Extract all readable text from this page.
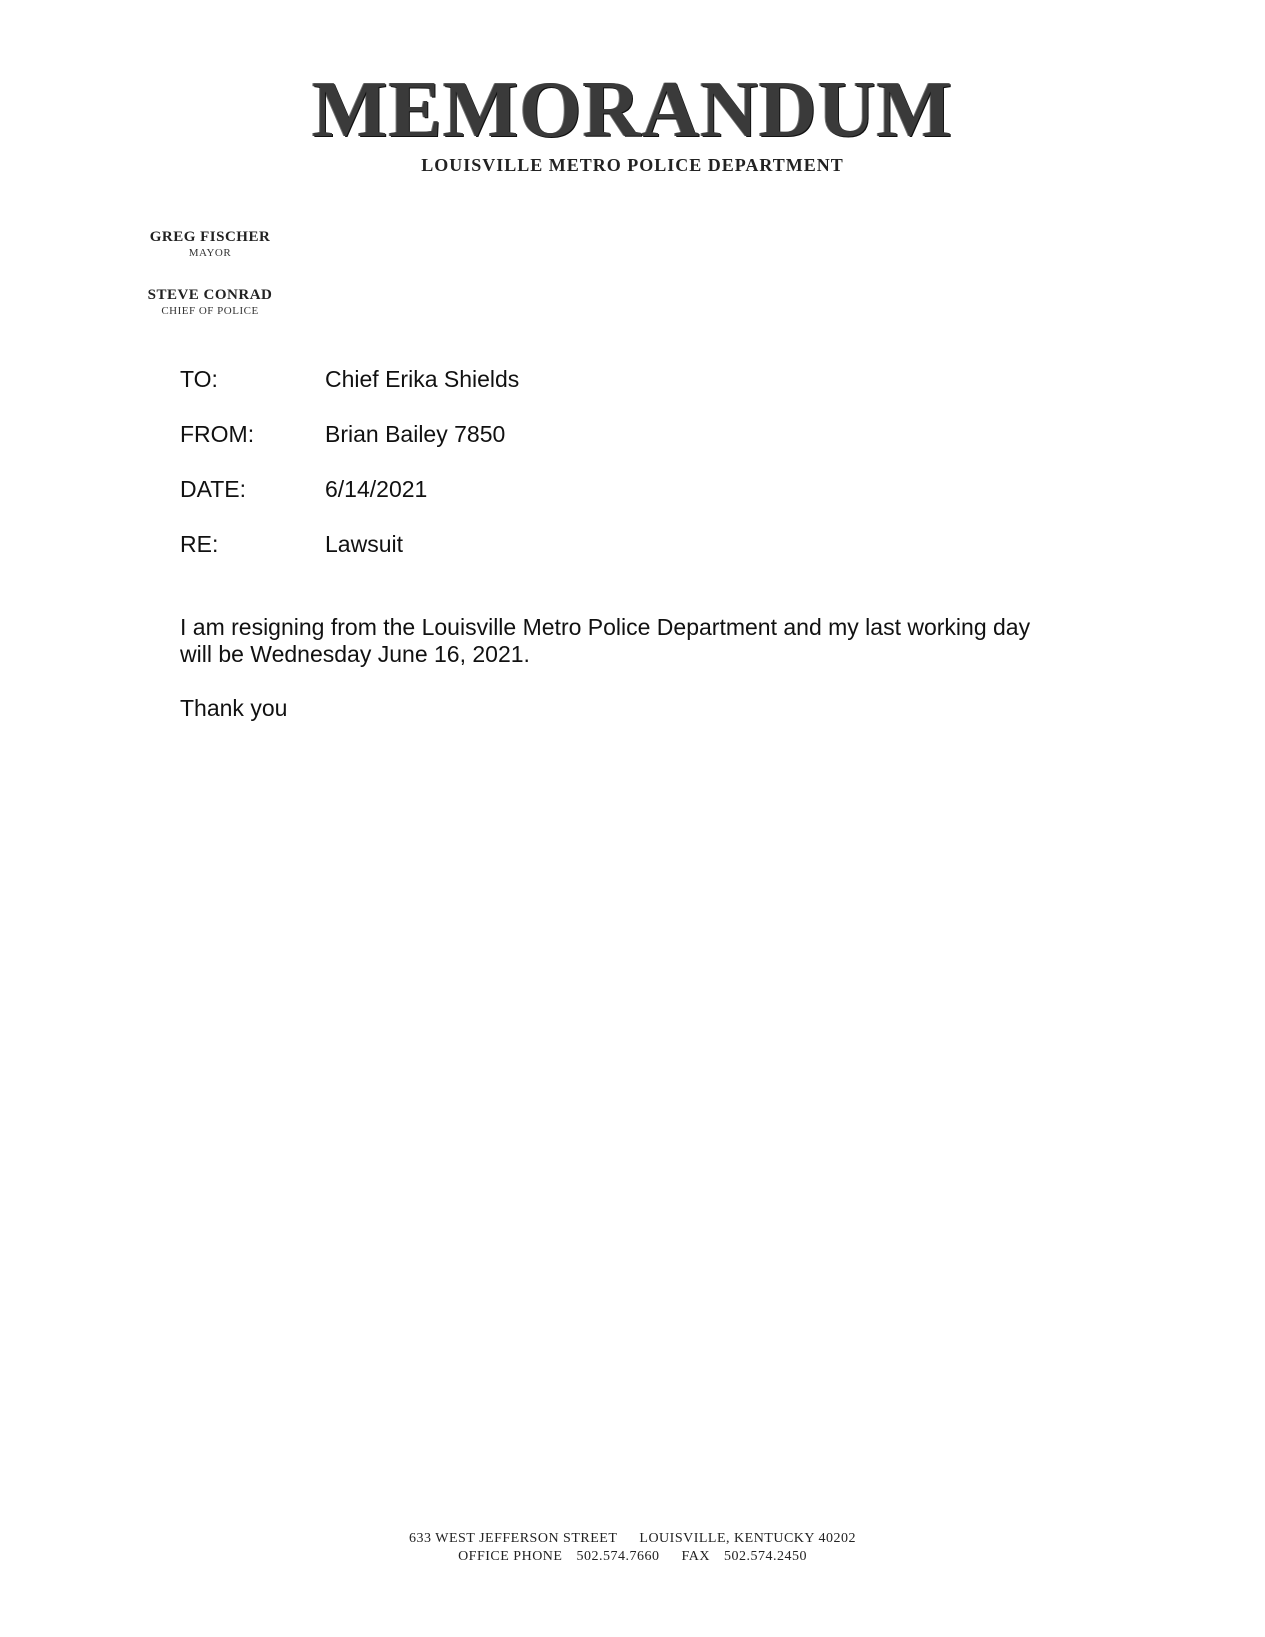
MEMORANDUM
LOUISVILLE METRO POLICE DEPARTMENT
GREG FISCHER
MAYOR
STEVE CONRAD
CHIEF OF POLICE
TO:	Chief Erika Shields
FROM:	Brian Bailey 7850
DATE:	6/14/2021
RE:	Lawsuit

I am resigning from the Louisville Metro Police Department and my last working day will be Wednesday June 16, 2021.

Thank you

633 WEST JEFFERSON STREET LOUISVILLE, KENTUCKY 40202
OFFICE PHONE 502.574.7660 FAX 502.574.2450
